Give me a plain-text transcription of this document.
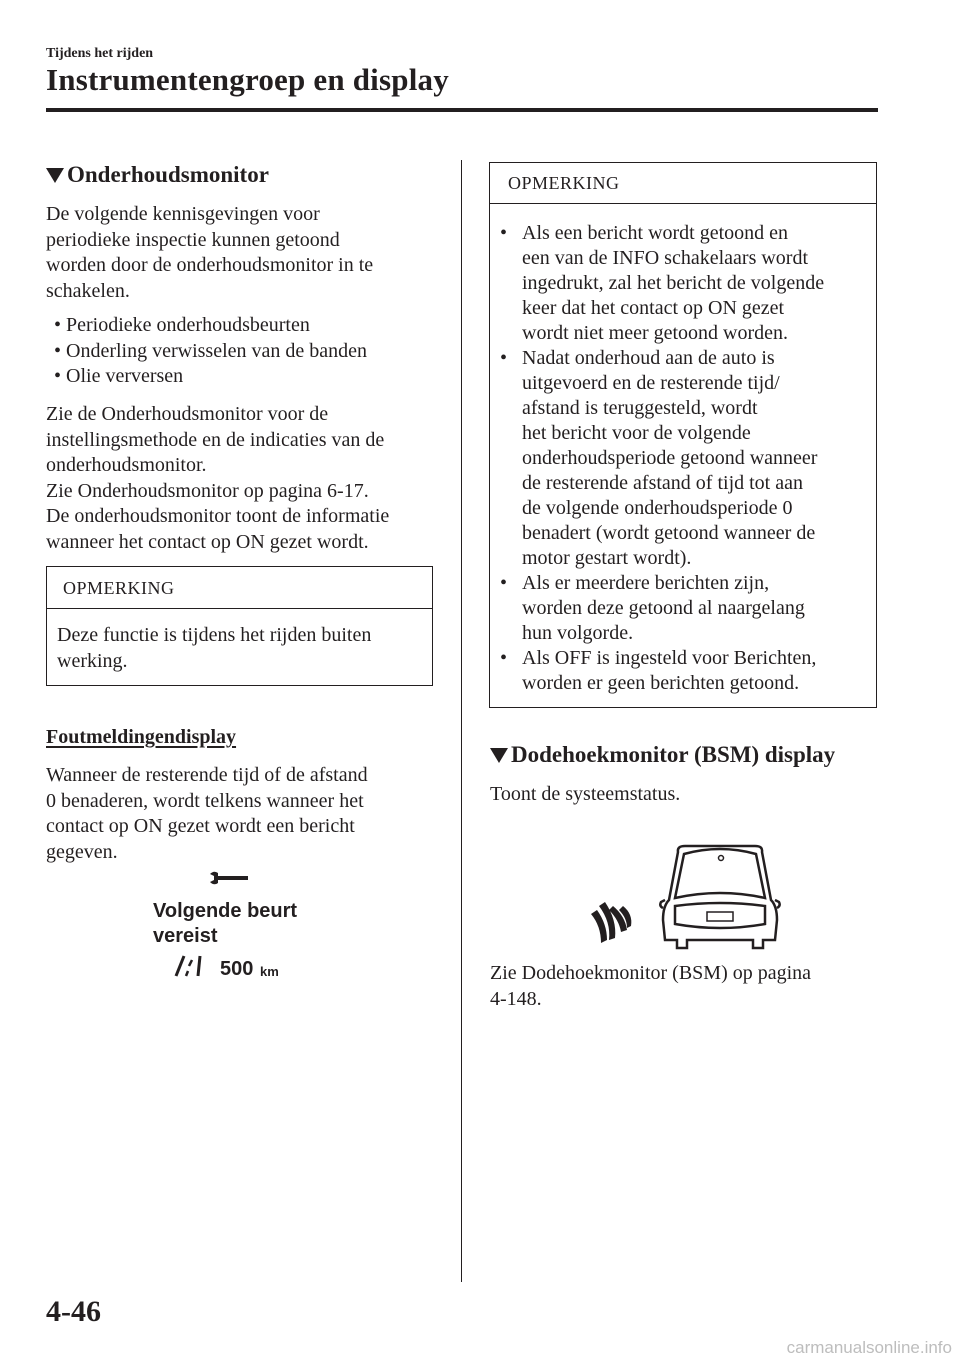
Tijdens het rijden
Instrumentengroep en display
Onderhoudsmonitor
De volgende kennisgevingen voor
periodieke inspectie kunnen getoond
worden door de onderhoudsmonitor in te
schakelen.
• Periodieke onderhoudsbeurten
• Onderling verwisselen van de banden
• Olie verversen
Zie de Onderhoudsmonitor voor de
instellingsmethode en de indicaties van de
onderhoudsmonitor.
Zie Onderhoudsmonitor op pagina 6-17.
De onderhoudsmonitor toont de informatie
wanneer het contact op ON gezet wordt.
OPMERKING
Deze functie is tijdens het rijden buiten
werking.
Foutmeldingendisplay
Wanneer de resterende tijd of de afstand
0 benaderen, wordt telkens wanneer het
contact op ON gezet wordt een bericht
gegeven.
Volgende beurt
vereist
500 km
OPMERKING
• Als een bericht wordt getoond en
een van de INFO schakelaars wordt
ingedrukt, zal het bericht de volgende
keer dat het contact op ON gezet
wordt niet meer getoond worden.
• Nadat onderhoud aan de auto is
uitgevoerd en de resterende tijd/
afstand is teruggesteld, wordt
het bericht voor de volgende
onderhoudsperiode getoond wanneer
de resterende afstand of tijd tot aan
de volgende onderhoudsperiode 0
benadert (wordt getoond wanneer de
motor gestart wordt).
• Als er meerdere berichten zijn,
worden deze getoond al naargelang
hun volgorde.
• Als OFF is ingesteld voor Berichten,
worden er geen berichten getoond.
Dodehoekmonitor (BSM) display
Toont de systeemstatus.
Zie Dodehoekmonitor (BSM) op pagina
4-148.
4-46
carmanualsonline.info
